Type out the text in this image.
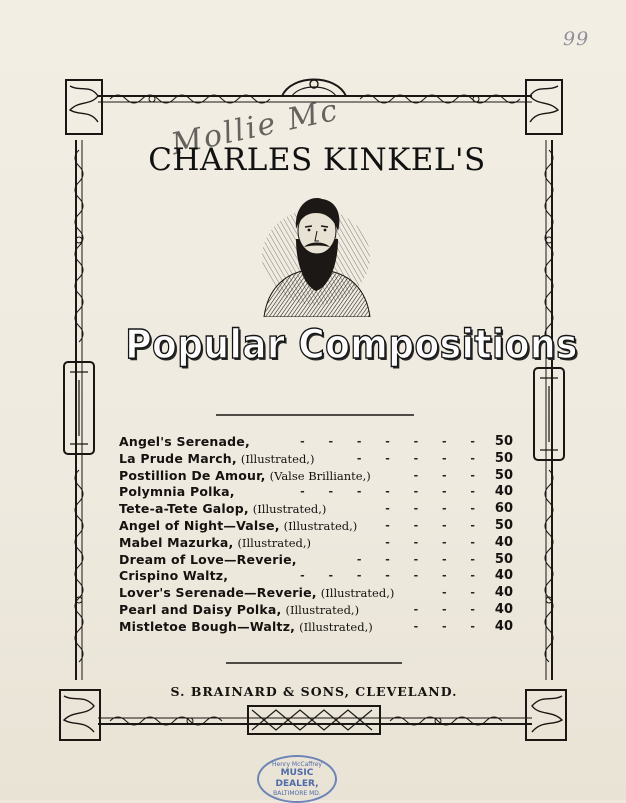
99
Mollie Mc
CHARLES KINKEL'S
Popular Compositions
Angel's Serenade,	- - - - - - - 50
La Prude March, (Illustrated,)	- - - - - 50
Postillion De Amour, (Valse Brilliante,)	- - - 50
Polymnia Polka,	- - - - - - - 40
Tete-a-Tete Galop, (Illustrated,)	- - - - 60
Angel of Night—Valse, (Illustrated,)	- - - - 50
Mabel Mazurka, (Illustrated,)	- - - - 40
Dream of Love—Reverie,	- - - - - 50
Crispino Waltz,	- - - - - - - 40
Lover's Serenade—Reverie, (Illustrated,)	- - 40
Pearl and Daisy Polka, (Illustrated,)	- - - 40
Mistletoe Bough—Waltz, (Illustrated,)	- - - 40
S. BRAINARD & SONS, CLEVELAND.
Henry McCaffrey
MUSIC DEALER,
BALTIMORE MD.
